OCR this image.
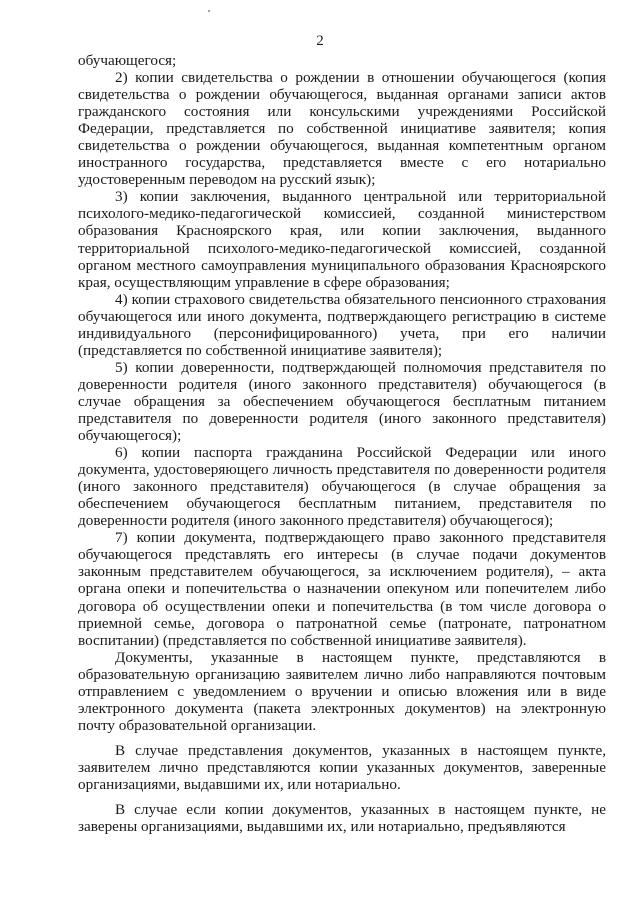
2

обучающегося;

2) копии свидетельства о рождении в отношении обучающегося (копия свидетельства о рождении обучающегося, выданная органами записи актов гражданского состояния или консульскими учреждениями Российской Федерации, представляется по собственной инициативе заявителя; копия свидетельства о рождении обучающегося, выданная компетентным органом иностранного государства, представляется вместе с его нотариально удостоверенным переводом на русский язык);

3) копии заключения, выданного центральной или территориальной психолого-медико-педагогической комиссией, созданной министерством образования Красноярского края, или копии заключения, выданного территориальной психолого-медико-педагогической комиссией, созданной органом местного самоуправления муниципального образования Красноярского края, осуществляющим управление в сфере образования;

4) копии страхового свидетельства обязательного пенсионного страхования обучающегося или иного документа, подтверждающего регистрацию в системе индивидуального (персонифицированного) учета, при его наличии (представляется по собственной инициативе заявителя);

5) копии доверенности, подтверждающей полномочия представителя по доверенности родителя (иного законного представителя) обучающегося (в случае обращения за обеспечением обучающегося бесплатным питанием представителя по доверенности родителя (иного законного представителя) обучающегося);

6) копии паспорта гражданина Российской Федерации или иного документа, удостоверяющего личность представителя по доверенности родителя (иного законного представителя) обучающегося (в случае обращения за обеспечением обучающегося бесплатным питанием, представителя по доверенности родителя (иного законного представителя) обучающегося);

7) копии документа, подтверждающего право законного представителя обучающегося представлять его интересы (в случае подачи документов законным представителем обучающегося, за исключением родителя), – акта органа опеки и попечительства о назначении опекуном или попечителем либо договора об осуществлении опеки и попечительства (в том числе договора о приемной семье, договора о патронатной семье (патронате, патронатном воспитании) (представляется по собственной инициативе заявителя).

Документы, указанные в настоящем пункте, представляются в образовательную организацию заявителем лично либо направляются почтовым отправлением с уведомлением о вручении и описью вложения или в виде электронного документа (пакета электронных документов) на электронную почту образовательной организации.

В случае представления документов, указанных в настоящем пункте, заявителем лично представляются копии указанных документов, заверенные организациями, выдавшими их, или нотариально.

В случае если копии документов, указанных в настоящем пункте, не заверены организациями, выдавшими их, или нотариально, предъявляются
